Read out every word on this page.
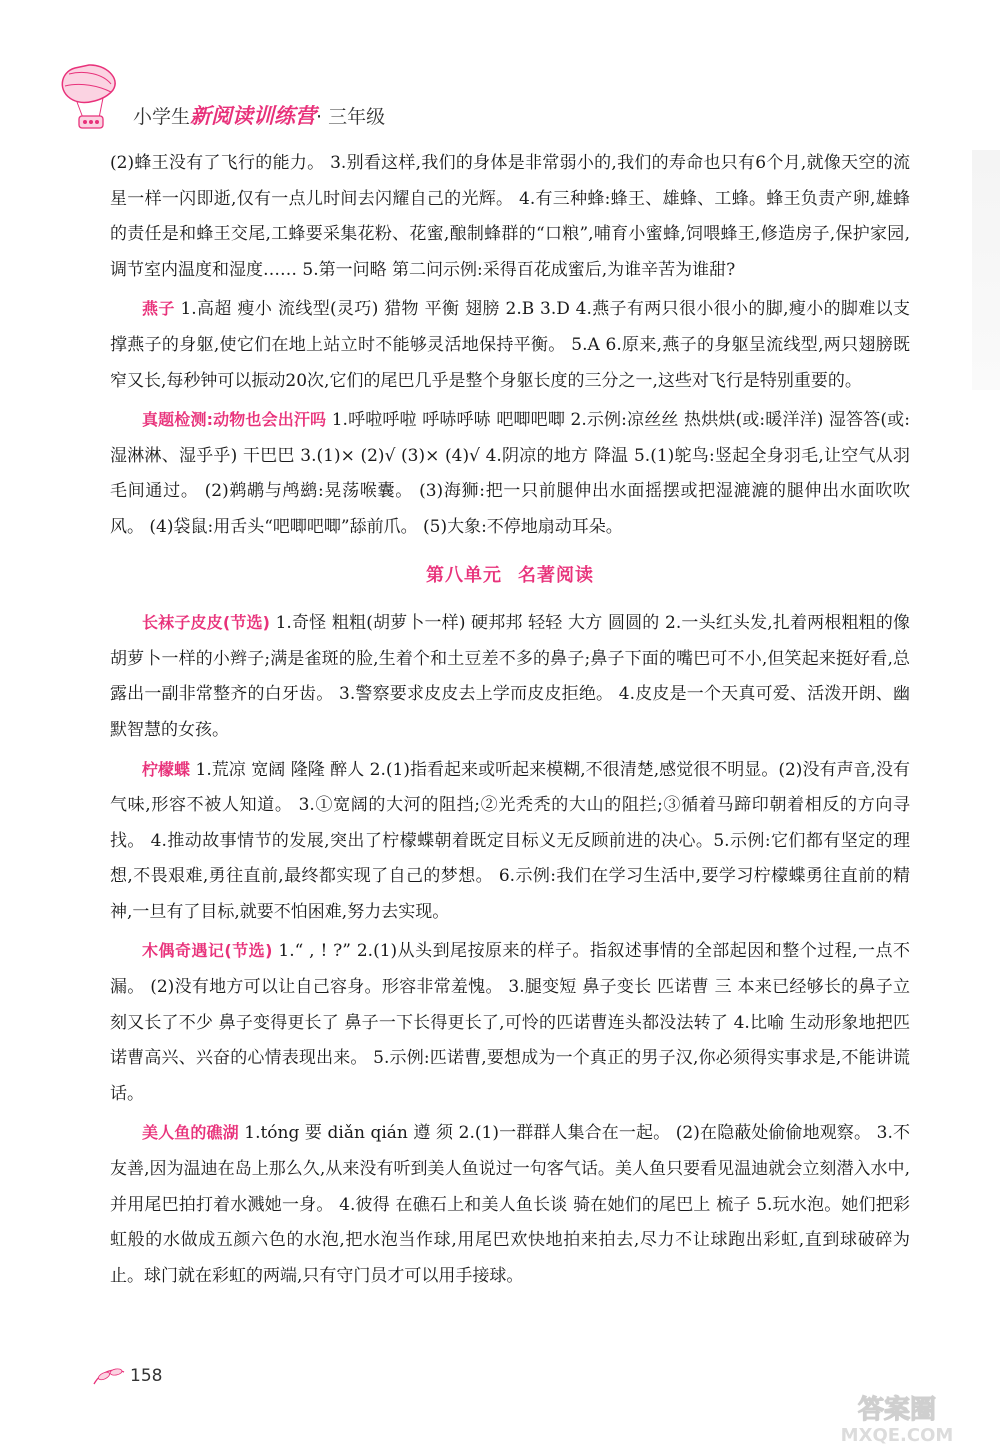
小学生新阅读训练营· 三年级

(2)蜂王没有了飞行的能力。 3.别看这样,我们的身体是非常弱小的,我们的寿命也只有6个月,就像天空的流星一样一闪即逝,仅有一点儿时间去闪耀自己的光辉。 4.有三种蜂:蜂王、雄蜂、工蜂。蜂王负责产卵,雄蜂的责任是和蜂王交尾,工蜂要采集花粉、花蜜,酿制蜂群的“口粮”,哺育小蜜蜂,饲喂蜂王,修造房子,保护家园,调节室内温度和湿度…… 5.第一问略 第二问示例:采得百花成蜜后,为谁辛苦为谁甜?

燕子 1.高超 瘦小 流线型(灵巧) 猎物 平衡 翅膀 2.B 3.D 4.燕子有两只很小很小的脚,瘦小的脚难以支撑燕子的身躯,使它们在地上站立时不能够灵活地保持平衡。 5.A 6.原来,燕子的身躯呈流线型,两只翅膀既窄又长,每秒钟可以振动20次,它们的尾巴几乎是整个身躯长度的三分之一,这些对飞行是特别重要的。

真题检测:动物也会出汗吗 1.呼啦呼啦 呼哧呼哧 吧唧吧唧 2.示例:凉丝丝 热烘烘(或:暖洋洋) 湿答答(或:湿淋淋、湿乎乎) 干巴巴 3.(1)× (2)√ (3)× (4)√ 4.阴凉的地方 降温 5.(1)鸵鸟:竖起全身羽毛,让空气从羽毛间通过。 (2)鹈鹕与鸬鹚:晃荡喉囊。 (3)海狮:把一只前腿伸出水面摇摆或把湿漉漉的腿伸出水面吹吹风。 (4)袋鼠:用舌头“吧唧吧唧”舔前爪。 (5)大象:不停地扇动耳朵。

第八单元 名著阅读

长袜子皮皮(节选) 1.奇怪 粗粗(胡萝卜一样) 硬邦邦 轻轻 大方 圆圆的 2.一头红头发,扎着两根粗粗的像胡萝卜一样的小辫子;满是雀斑的脸,生着个和土豆差不多的鼻子;鼻子下面的嘴巴可不小,但笑起来挺好看,总露出一副非常整齐的白牙齿。 3.警察要求皮皮去上学而皮皮拒绝。 4.皮皮是一个天真可爱、活泼开朗、幽默智慧的女孩。

柠檬蝶 1.荒凉 宽阔 隆隆 醉人 2.(1)指看起来或听起来模糊,不很清楚,感觉很不明显。(2)没有声音,没有气味,形容不被人知道。 3.①宽阔的大河的阻挡;②光秃秃的大山的阻拦;③循着马蹄印朝着相反的方向寻找。 4.推动故事情节的发展,突出了柠檬蝶朝着既定目标义无反顾前进的决心。5.示例:它们都有坚定的理想,不畏艰难,勇往直前,最终都实现了自己的梦想。 6.示例:我们在学习生活中,要学习柠檬蝶勇往直前的精神,一旦有了目标,就要不怕困难,努力去实现。

木偶奇遇记(节选) 1.“ , ! ?” 2.(1)从头到尾按原来的样子。指叙述事情的全部起因和整个过程,一点不漏。 (2)没有地方可以让自己容身。形容非常羞愧。 3.腿变短 鼻子变长 匹诺曹 三 本来已经够长的鼻子立刻又长了不少 鼻子变得更长了 鼻子一下长得更长了,可怜的匹诺曹连头都没法转了 4.比喻 生动形象地把匹诺曹高兴、兴奋的心情表现出来。 5.示例:匹诺曹,要想成为一个真正的男子汉,你必须得实事求是,不能讲谎话。

美人鱼的礁湖 1.tóng 要 diǎn qián 遵 须 2.(1)一群群人集合在一起。 (2)在隐蔽处偷偷地观察。 3.不友善,因为温迪在岛上那么久,从来没有听到美人鱼说过一句客气话。美人鱼只要看见温迪就会立刻潜入水中,并用尾巴拍打着水溅她一身。 4.彼得 在礁石上和美人鱼长谈 骑在她们的尾巴上 梳子 5.玩水泡。她们把彩虹般的水做成五颜六色的水泡,把水泡当作球,用尾巴欢快地拍来拍去,尽力不让球跑出彩虹,直到球破碎为止。球门就在彩虹的两端,只有守门员才可以用手接球。

158
答案圈
MXQE.COM
